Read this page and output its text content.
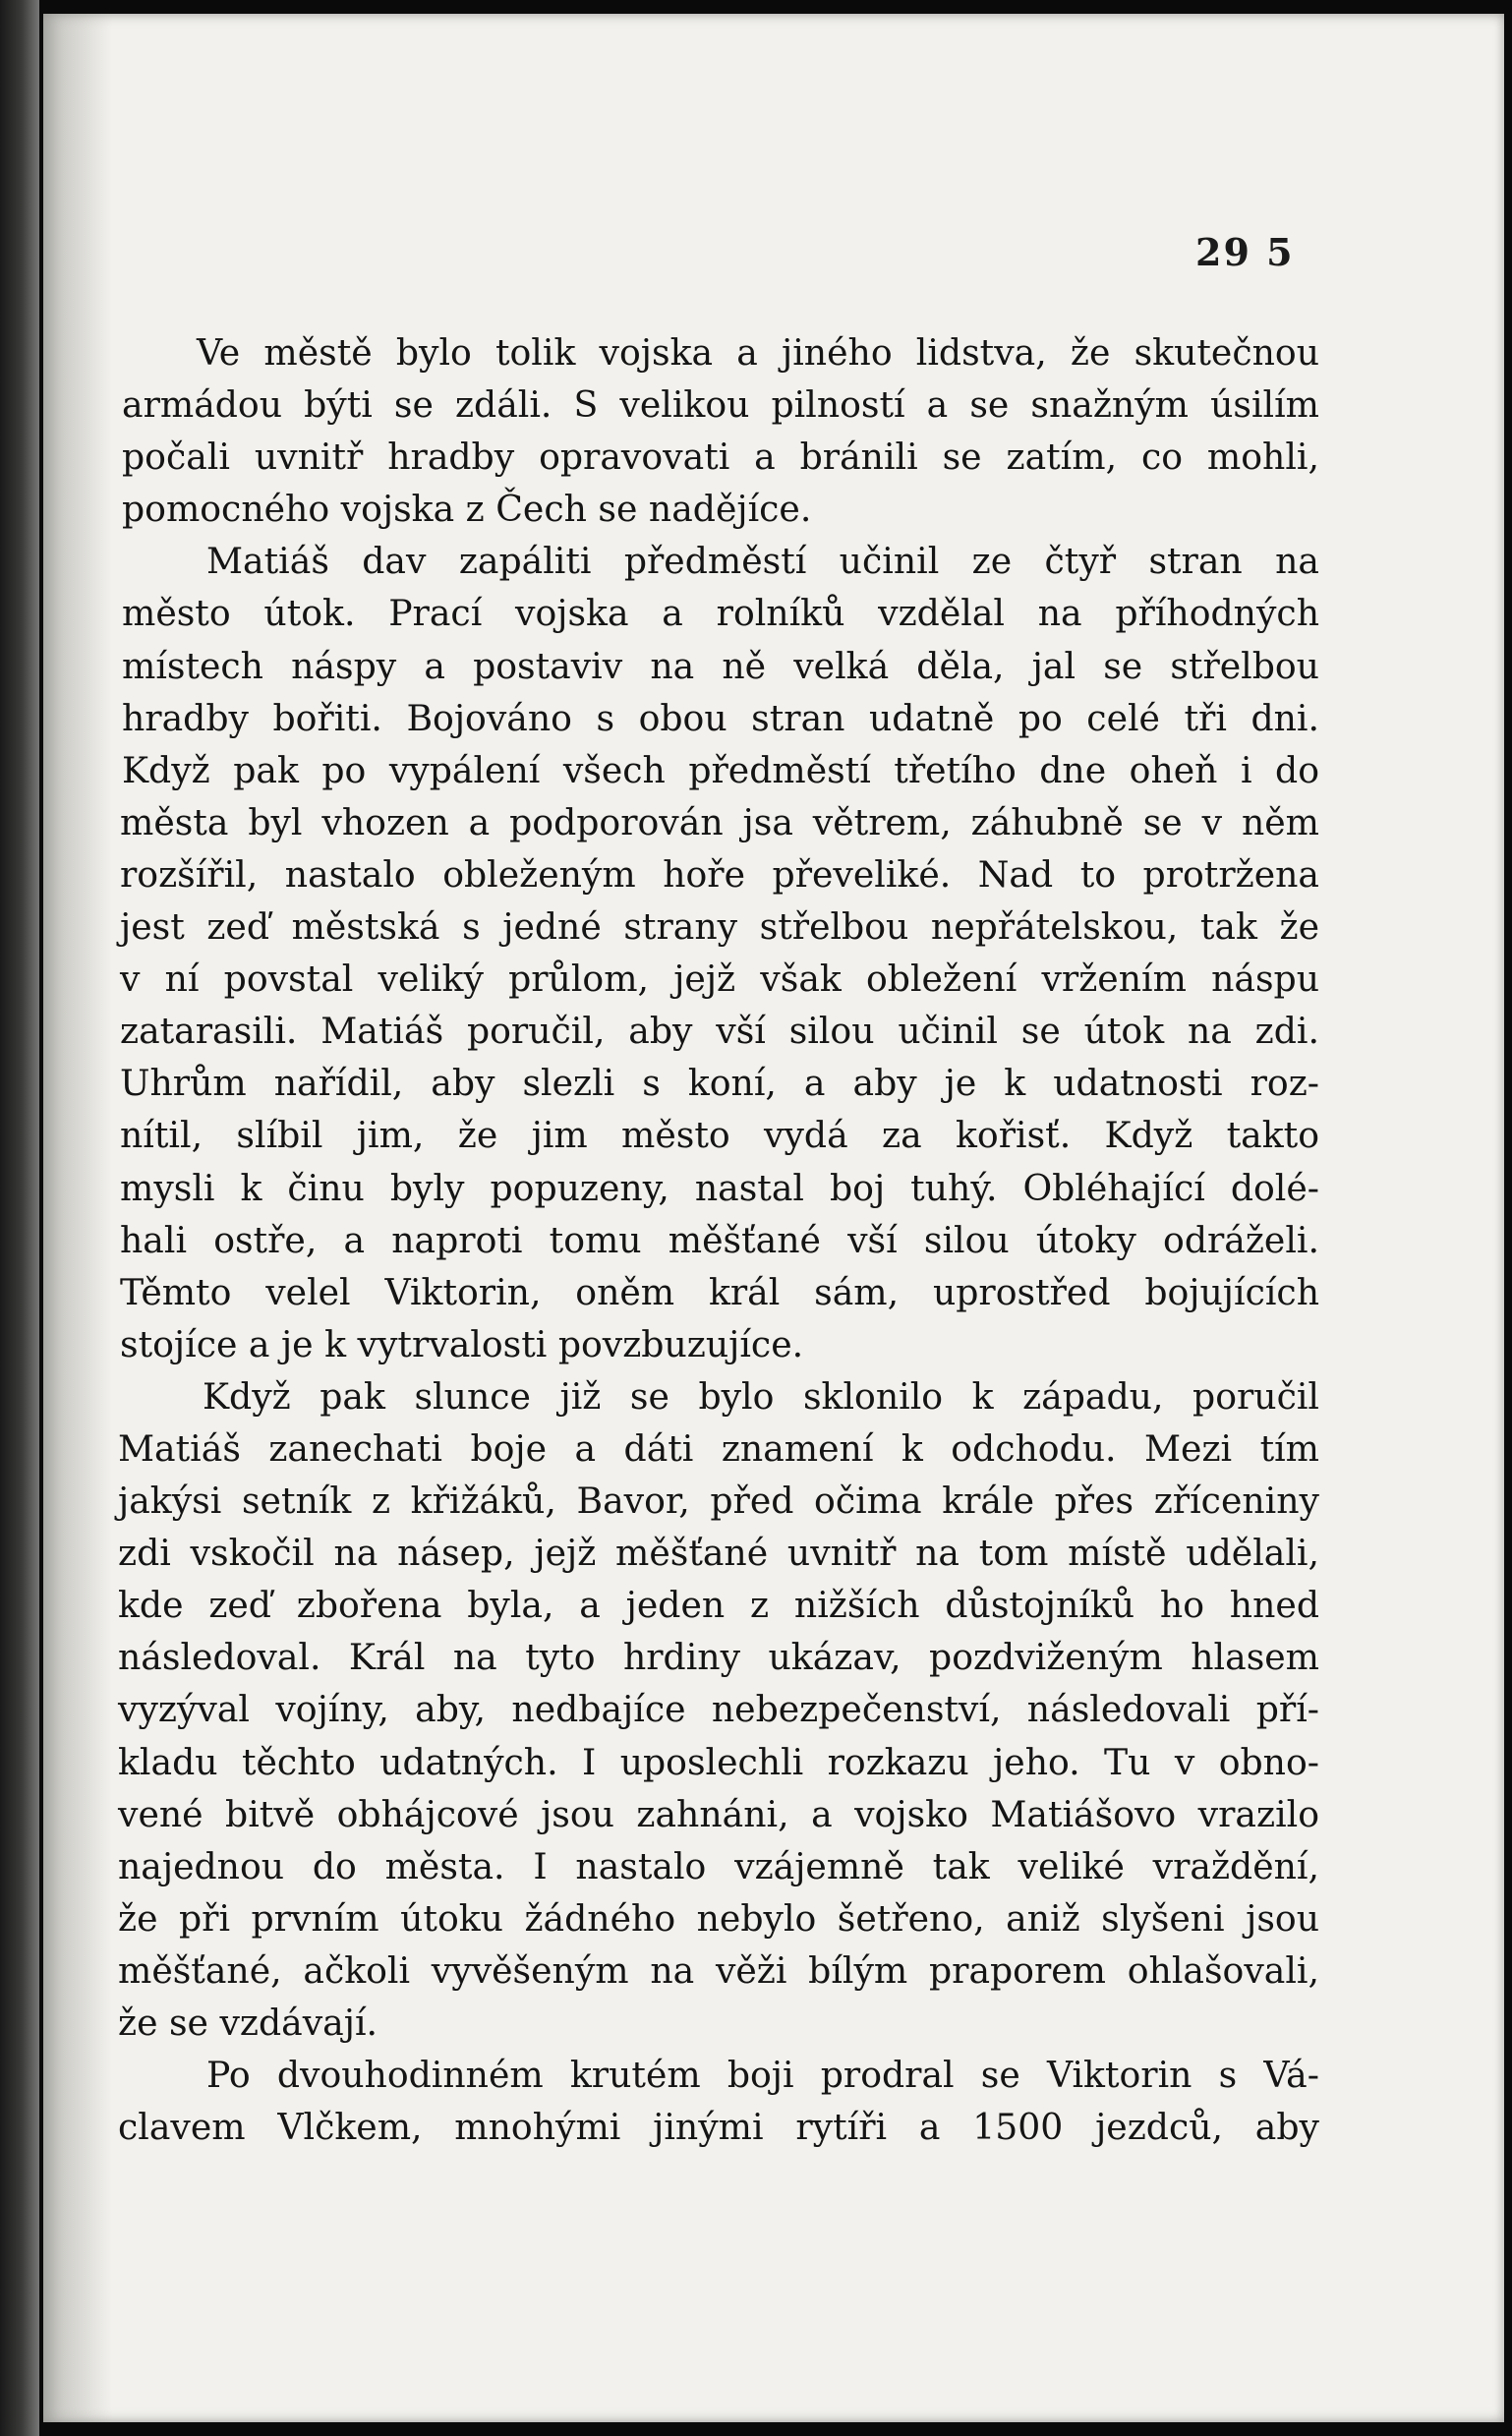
29 5
Ve městě bylo tolik vojska a jiného lidstva, že skutečnou
armádou býti se zdáli. S velikou pilností a se snažným úsilím
počali uvnitř hradby opravovati a bránili se zatím, co mohli,
pomocného vojska z Čech se nadějíce.
Matiáš dav zapáliti předměstí učinil ze čtyř stran na
město útok. Prací vojska a rolníků vzdělal na příhodných
místech náspy a postaviv na ně velká děla, jal se střelbou
hradby bořiti. Bojováno s obou stran udatně po celé tři dni.
Když pak po vypálení všech předměstí třetího dne oheň i do
města byl vhozen a podporován jsa větrem, záhubně se v něm
rozšířil, nastalo obleženým hoře převeliké. Nad to protržena
jest zeď městská s jedné strany střelbou nepřátelskou, tak že
v ní povstal veliký průlom, jejž však obležení vržením náspu
zatarasili. Matiáš poručil, aby vší silou učinil se útok na zdi.
Uhrům nařídil, aby slezli s koní, a aby je k udatnosti roz-
nítil, slíbil jim, že jim město vydá za kořisť. Když takto
mysli k činu byly popuzeny, nastal boj tuhý. Obléhající dolé-
hali ostře, a naproti tomu měšťané vší silou útoky odráželi.
Těmto velel Viktorin, oněm král sám, uprostřed bojujících
stojíce a je k vytrvalosti povzbuzujíce.
Když pak slunce již se bylo sklonilo k západu, poručil
Matiáš zanechati boje a dáti znamení k odchodu. Mezi tím
jakýsi setník z křižáků, Bavor, před očima krále přes zříceniny
zdi vskočil na násep, jejž měšťané uvnitř na tom místě udělali,
kde zeď zbořena byla, a jeden z nižších důstojníků ho hned
následoval. Král na tyto hrdiny ukázav, pozdviženým hlasem
vyzýval vojíny, aby, nedbajíce nebezpečenství, následovali pří-
kladu těchto udatných. I uposlechli rozkazu jeho. Tu v obno-
vené bitvě obhájcové jsou zahnáni, a vojsko Matiášovo vrazilo
najednou do města. I nastalo vzájemně tak veliké vraždění,
že při prvním útoku žádného nebylo šetřeno, aniž slyšeni jsou
měšťané, ačkoli vyvěšeným na věži bílým praporem ohlašovali,
že se vzdávají.
Po dvouhodinném krutém boji prodral se Viktorin s Vá-
clavem Vlčkem, mnohými jinými rytíři a 1500 jezdců, aby
